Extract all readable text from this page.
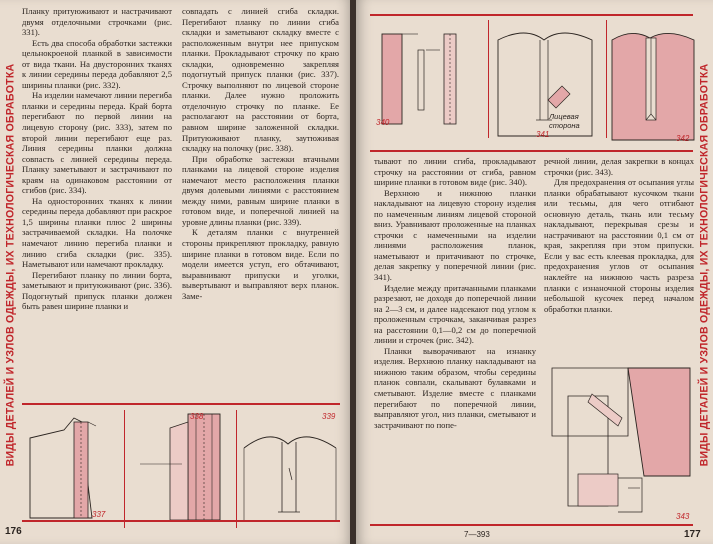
ВИДЫ ДЕТАЛЕЙ И УЗЛОВ ОДЕЖДЫ, ИХ ТЕХНОЛОГИЧЕСКАЯ ОБРАБОТКА

Планку притуюживают и настрачивают двумя отделочными строчками (рис. 331).

Есть два способа обработки застежки цельнокроеной планкой в зависимости от вида ткани. На двусторонних тканях к линии середины переда добавляют 2,5 ширины планки (рис. 332).

На изделии намечают линии перегиба планки и середины переда. Край борта перегибают по первой линии на лицевую сторону (рис. 333), затем по второй линии перегибают еще раз. Линия середины планки должна совпасть с линией середины переда. Планку заметывают и застрачивают по краям на одинаковом расстоянии от сгибов (рис. 334).

На односторонних тканях к линии середины переда добавляют при раскрое 1,5 ширины планки плюс 2 ширины застрачиваемой складки. На полочке намечают линию перегиба планки и линию сгиба складки (рис. 335). Наметывают или намечают прокладку.

Перегибают планку по линии борта, заметывают и притуюживают (рис. 336). Подогнутый припуск планки должен быть равен ширине планки и

совпадать с линией сгиба складки. Перегибают планку по линии сгиба складки и заметывают складку вместе с расположенным внутри нее припуском планки. Прокладывают строчку по краю складки, одновременно закрепляя подогнутый припуск планки (рис. 337). Строчку выполняют по лицевой стороне планки. Далее нужно проложить отделочную строчку по планке. Ее располагают на расстоянии от борта, равном ширине заложенной складки. Притуюживают планку, заутюживая складку на полочку (рис. 338).

При обработке застежки втачными планками на лицевой стороне изделия намечают место расположения планки двумя долевыми линиями с расстоянием между ними, равным ширине планки в готовом виде, и поперечной линией на уровне длины планки (рис. 339).

К деталям планки с внутренней стороны прикрепляют прокладку, равную ширине планки в готовом виде. Если по модели имеется уступ, его обтачивают, выравнивают припуски и уголки, вывертывают и выправляют верх планок. Заме-

337
338	339
176
340
341
Лицевая сторона
342

тывают по линии сгиба, прокладывают строчку на расстоянии от сгиба, равном ширине планки в готовом виде (рис. 340).

Верхнюю и нижнюю планки накладывают на лицевую сторону изделия по намеченным линиям лицевой стороной вниз. Уравнивают проложенные на планках строчки с намеченными на изделии линиями расположения планок, наметывают и притачивают по строчке, делая закрепку у поперечной линии (рис. 341).

Изделие между притачанными планками разрезают, не доходя до поперечной линии на 2—3 см, и далее надсекают под углом к проложенным строчкам, заканчивая разрез на расстоянии 0,1—0,2 см до поперечной линии и строчек (рис. 342).

Планки выворачивают на изнанку изделия. Верхнюю планку накладывают на нижнюю таким образом, чтобы середины планок совпали, скалывают булавками и сметывают. Изделие вместе с планками перегибают по поперечной линии, выправляют угол, низ планки, сметывают и застрачивают по попе-

речной линии, делая закрепки в концах строчки (рис. 343).

Для предохранения от осыпания углы планки обрабатывают кусочком ткани или тесьмы, для чего отгибают основную деталь, ткань или тесьму накладывают, перекрывая срезы и настрачивают на расстоянии 0,1 см от края, закрепляя при этом припуски. Если у вас есть клеевая прокладка, для предохранения углов от осыпания наклейте на нижнюю часть разреза планки с изнаночной стороны изделия небольшой кусочек перед началом обработки планки.

343
7—393	177
ВИДЫ ДЕТАЛЕЙ И УЗЛОВ ОДЕЖДЫ, ИХ ТЕХНОЛОГИЧЕСКАЯ ОБРАБОТКА
